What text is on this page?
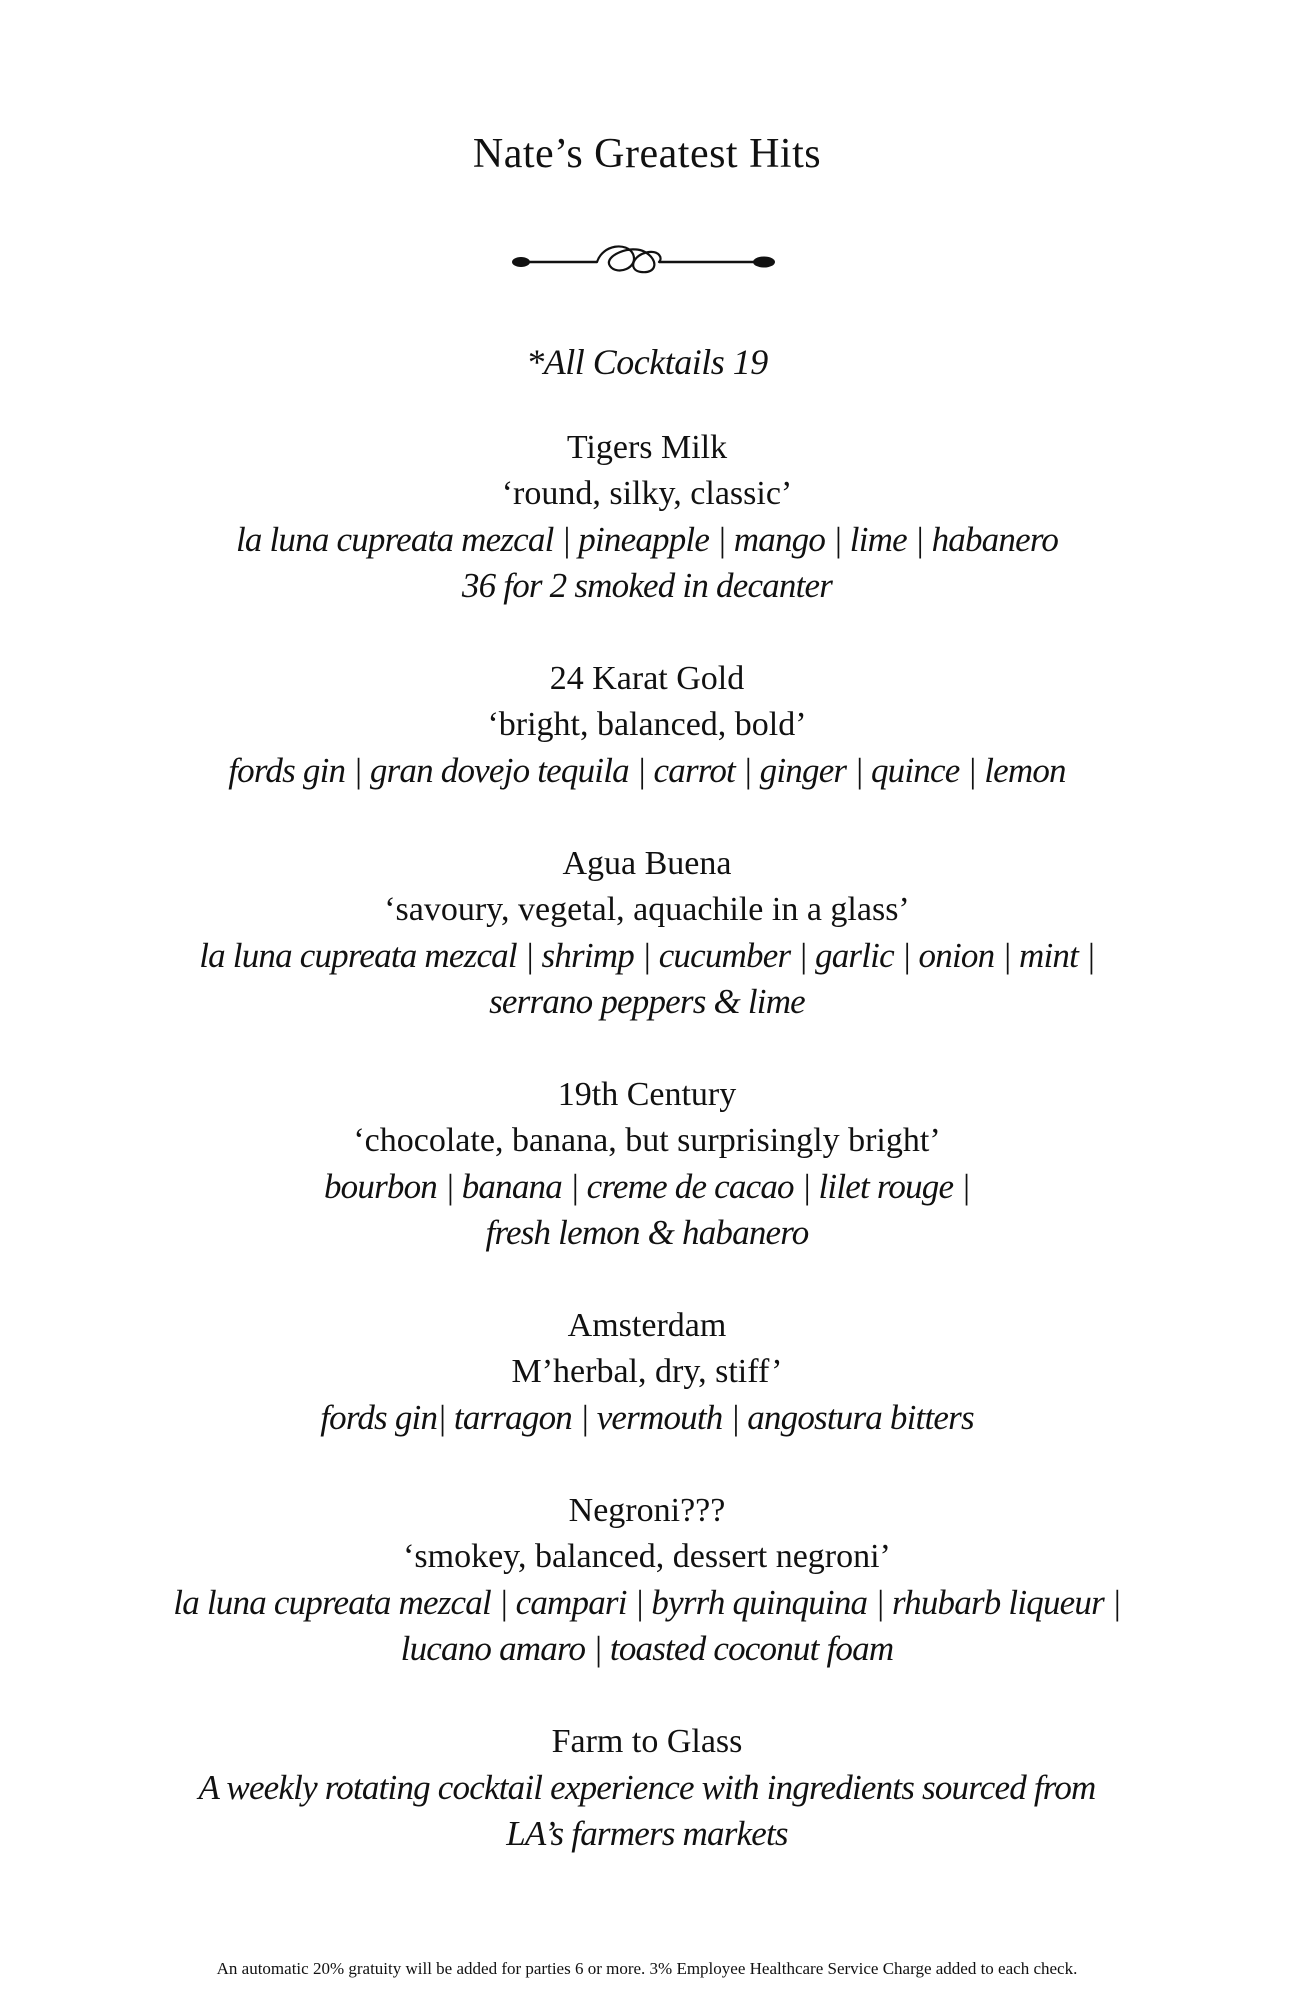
Nate’s Greatest Hits
*All Cocktails 19
Tigers Milk
‘round, silky, classic’
la luna cupreata mezcal | pineapple | mango | lime | habanero
36 for 2 smoked in decanter
24 Karat Gold
‘bright, balanced, bold’
fords gin | gran dovejo tequila | carrot | ginger | quince | lemon
Agua Buena
‘savoury, vegetal, aquachile in a glass’
la luna cupreata mezcal | shrimp | cucumber | garlic | onion | mint |
serrano peppers & lime
19th Century
‘chocolate, banana, but surprisingly bright’
bourbon | banana | creme de cacao | lilet rouge |
fresh lemon & habanero
Amsterdam
M’herbal, dry, stiff’
fords gin| tarragon | vermouth | angostura bitters
Negroni???
‘smokey, balanced, dessert negroni’
la luna cupreata mezcal | campari | byrrh quinquina | rhubarb liqueur |
lucano amaro | toasted coconut foam
Farm to Glass
A weekly rotating cocktail experience with ingredients sourced from
LA’s farmers markets
An automatic 20% gratuity will be added for parties 6 or more. 3% Employee Healthcare Service Charge added to each check.
